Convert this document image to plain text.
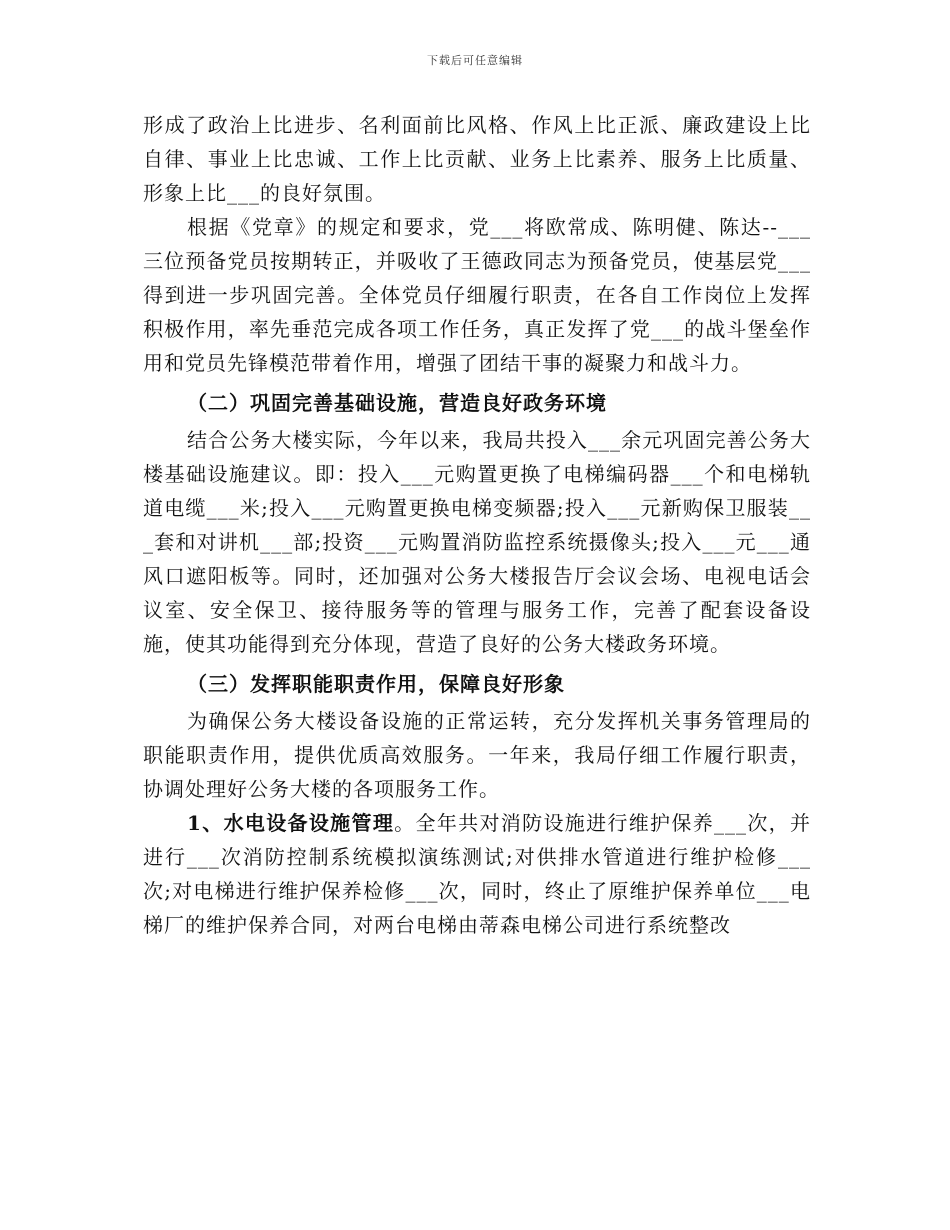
下载后可任意编辑

形成了政治上比进步、名利面前比风格、作风上比正派、廉政建设上比自律、事业上比忠诚、工作上比贡献、业务上比素养、服务上比质量、形象上比___的良好氛围。

根据《党章》的规定和要求，党___将欧常成、陈明健、陈达--___三位预备党员按期转正，并吸收了王德政同志为预备党员，使基层党___得到进一步巩固完善。全体党员仔细履行职责，在各自工作岗位上发挥积极作用，率先垂范完成各项工作任务，真正发挥了党___的战斗堡垒作用和党员先锋模范带着作用，增强了团结干事的凝聚力和战斗力。

（二）巩固完善基础设施，营造良好政务环境

结合公务大楼实际，今年以来，我局共投入___余元巩固完善公务大楼基础设施建议。即：投入___元购置更换了电梯编码器___个和电梯轨道电缆___米;投入___元购置更换电梯变频器;投入___元新购保卫服装___套和对讲机___部;投资___元购置消防监控系统摄像头;投入___元___通风口遮阳板等。同时，还加强对公务大楼报告厅会议会场、电视电话会议室、安全保卫、接待服务等的管理与服务工作，完善了配套设备设施，使其功能得到充分体现，营造了良好的公务大楼政务环境。

（三）发挥职能职责作用，保障良好形象

为确保公务大楼设备设施的正常运转，充分发挥机关事务管理局的职能职责作用，提供优质高效服务。一年来，我局仔细工作履行职责，协调处理好公务大楼的各项服务工作。

1、水电设备设施管理。全年共对消防设施进行维护保养___次，并进行___次消防控制系统模拟演练测试;对供排水管道进行维护检修___次;对电梯进行维护保养检修___次，同时，终止了原维护保养单位___电梯厂的维护保养合同，对两台电梯由蒂森电梯公司进行系统整改
